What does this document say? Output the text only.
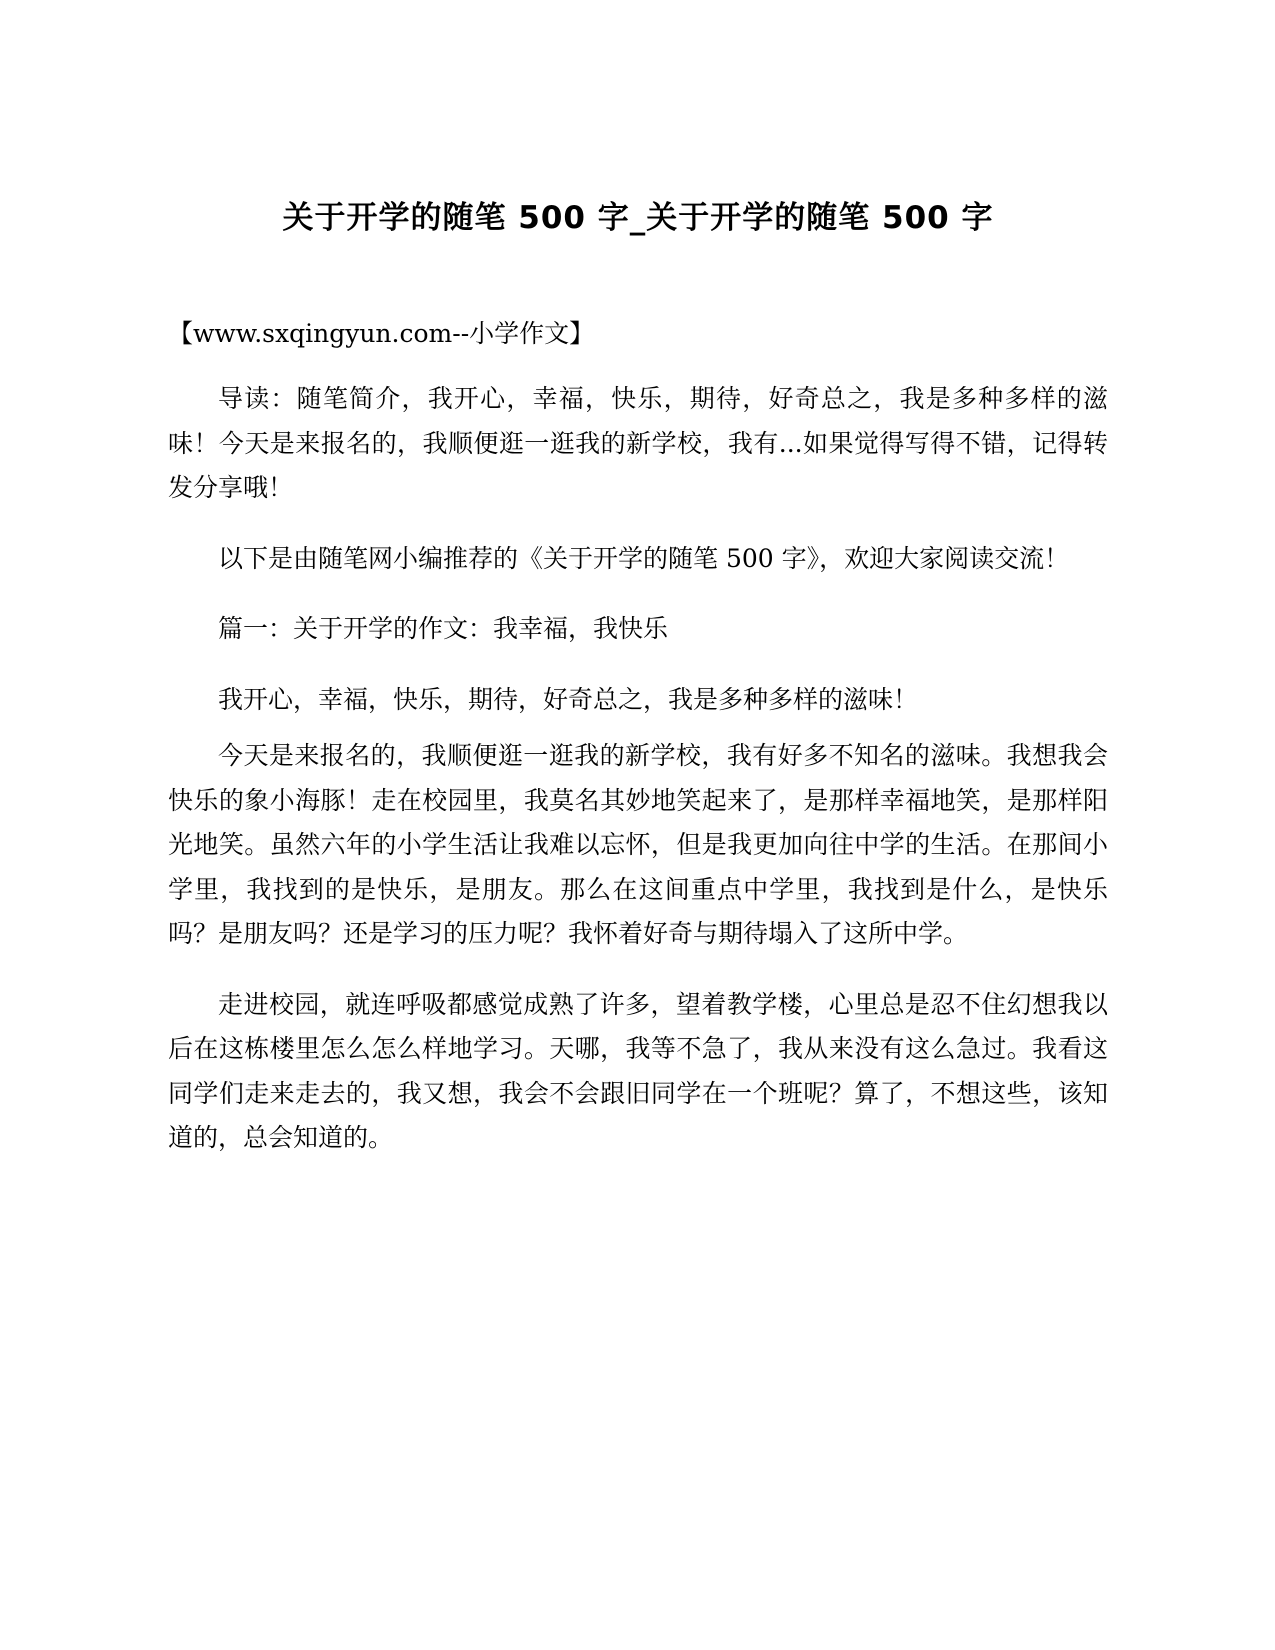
关于开学的随笔 500 字_关于开学的随笔 500 字
【www.sxqingyun.com--小学作文】

导读：随笔简介，我开心，幸福，快乐，期待，好奇总之，我是多种多样的滋味！今天是来报名的，我顺便逛一逛我的新学校，我有...如果觉得写得不错，记得转发分享哦！

以下是由随笔网小编推荐的《关于开学的随笔 500 字》，欢迎大家阅读交流！

篇一：关于开学的作文：我幸福，我快乐

我开心，幸福，快乐，期待，好奇总之，我是多种多样的滋味！

今天是来报名的，我顺便逛一逛我的新学校，我有好多不知名的滋味。我想我会快乐的象小海豚！走在校园里，我莫名其妙地笑起来了，是那样幸福地笑，是那样阳光地笑。虽然六年的小学生活让我难以忘怀，但是我更加向往中学的生活。在那间小学里，我找到的是快乐，是朋友。那么在这间重点中学里，我找到是什么，是快乐吗？是朋友吗？还是学习的压力呢？我怀着好奇与期待塌入了这所中学。

走进校园，就连呼吸都感觉成熟了许多，望着教学楼，心里总是忍不住幻想我以后在这栋楼里怎么怎么样地学习。天哪，我等不急了，我从来没有这么急过。我看这同学们走来走去的，我又想，我会不会跟旧同学在一个班呢？算了，不想这些，该知道的，总会知道的。
